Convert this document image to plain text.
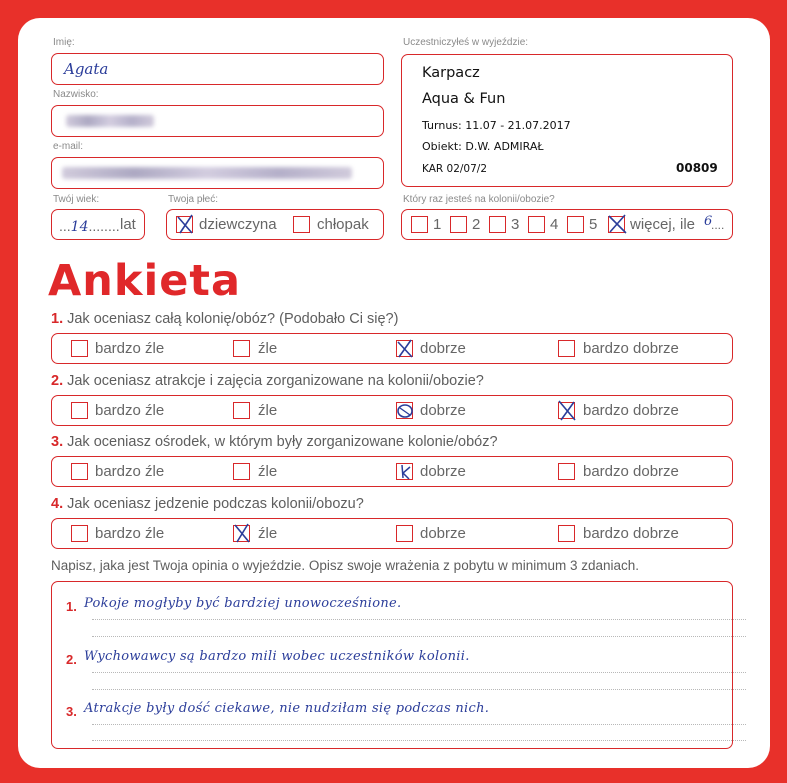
Imię:
Agata
Nazwisko:
e-mail:
Twój wiek:
...14........ lat
Twoja płeć:
dziewczyna	chłopak
Uczestniczyłeś w wyjeździe:
Karpacz
Aqua & Fun
Turnus: 11.07 - 21.07.2017
Obiekt: D.W. ADMIRAŁ
KAR 02/07/2	00809
Który raz jesteś na kolonii/obozie?
1 2 3 4 5 więcej, ile 6
....
Ankieta
1. Jak oceniasz całą kolonię/obóz? (Podobało Ci się?)
bardzo źle	źle	dobrze	bardzo dobrze
2. Jak oceniasz atrakcje i zajęcia zorganizowane na kolonii/obozie?
bardzo źle	źle	dobrze	bardzo dobrze
3. Jak oceniasz ośrodek, w którym były zorganizowane kolonie/obóz?
bardzo źle	źle	dobrze	bardzo dobrze
4. Jak oceniasz jedzenie podczas kolonii/obozu?
bardzo źle	źle	dobrze	bardzo dobrze
Napisz, jaka jest Twoja opinia o wyjeździe. Opisz swoje wrażenia z pobytu w minimum 3 zdaniach.
1. Pokoje mogłyby być bardziej unowocześnione.
2. Wychowawcy są bardzo mili wobec uczestników kolonii.
3. Atrakcje były dość ciekawe, nie nudziłam się podczas nich.
